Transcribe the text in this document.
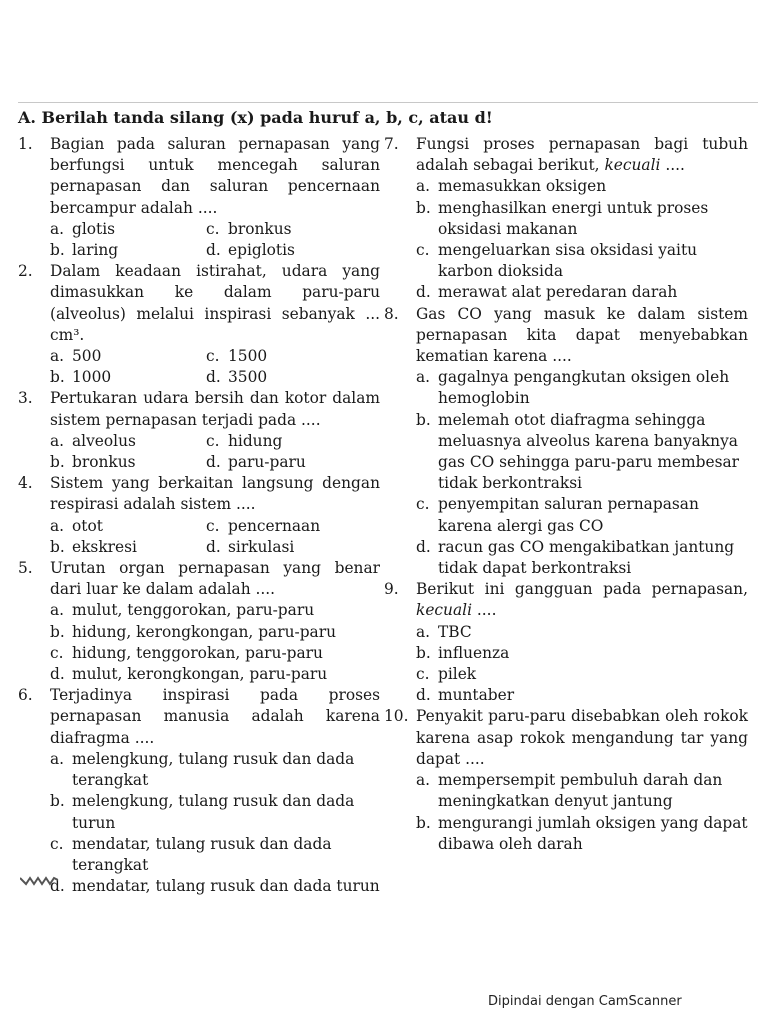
A. Berilah tanda silang (x) pada huruf a, b, c, atau d!
1. Bagian pada saluran pernapasan yang berfungsi untuk mencegah saluran pernapasan dan saluran pencernaan bercampur adalah ....
a. glotis	c. bronkus
b. laring	d. epiglotis
2. Dalam keadaan istirahat, udara yang dimasukkan ke dalam paru-paru (alveolus) melalui inspirasi sebanyak ... cm³.
a. 500	c. 1500
b. 1000	d. 3500
3. Pertukaran udara bersih dan kotor dalam sistem pernapasan terjadi pada ....
a. alveolus	c. hidung
b. bronkus	d. paru-paru
4. Sistem yang berkaitan langsung dengan respirasi adalah sistem ....
a. otot	c. pencernaan
b. ekskresi	d. sirkulasi
5. Urutan organ pernapasan yang benar dari luar ke dalam adalah ....
a. mulut, tenggorokan, paru-paru
b. hidung, kerongkongan, paru-paru
c. hidung, tenggorokan, paru-paru
d. mulut, kerongkongan, paru-paru
6. Terjadinya inspirasi pada proses pernapasan manusia adalah karena diafragma ....
a. melengkung, tulang rusuk dan dada terangkat
b. melengkung, tulang rusuk dan dada turun
c. mendatar, tulang rusuk dan dada terangkat
d. mendatar, tulang rusuk dan dada turun
7. Fungsi proses pernapasan bagi tubuh adalah sebagai berikut, kecuali ....
a. memasukkan oksigen
b. menghasilkan energi untuk proses oksidasi makanan
c. mengeluarkan sisa oksidasi yaitu karbon dioksida
d. merawat alat peredaran darah
8. Gas CO yang masuk ke dalam sistem pernapasan kita dapat menyebabkan kematian karena ....
a. gagalnya pengangkutan oksigen oleh hemoglobin
b. melemah otot diafragma sehingga meluasnya alveolus karena banyaknya gas CO sehingga paru-paru membesar tidak berkontraksi
c. penyempitan saluran pernapasan karena alergi gas CO
d. racun gas CO mengakibatkan jantung tidak dapat berkontraksi
9. Berikut ini gangguan pada pernapasan, kecuali ....
a. TBC
b. influenza
c. pilek
d. muntaber
10. Penyakit paru-paru disebabkan oleh rokok karena asap rokok mengandung tar yang dapat ....
a. mempersempit pembuluh darah dan meningkatkan denyut jantung
b. mengurangi jumlah oksigen yang dapat dibawa oleh darah
Dipindai dengan CamScanner
